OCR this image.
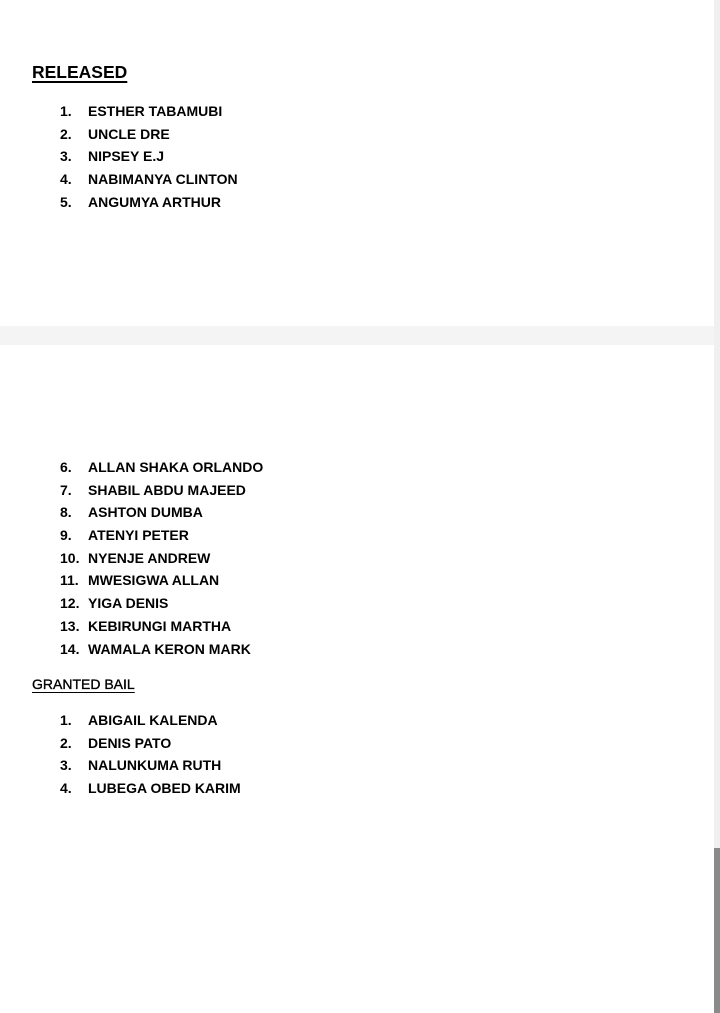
RELEASED
1. ESTHER TABAMUBI
2. UNCLE DRE
3. NIPSEY E.J
4. NABIMANYA CLINTON
5. ANGUMYA ARTHUR
6. ALLAN SHAKA ORLANDO
7. SHABIL ABDU MAJEED
8. ASHTON DUMBA
9. ATENYI PETER
10. NYENJE ANDREW
11. MWESIGWA ALLAN
12. YIGA DENIS
13. KEBIRUNGI MARTHA
14. WAMALA KERON MARK
GRANTED BAIL
1. ABIGAIL KALENDA
2. DENIS PATO
3. NALUNKUMA RUTH
4. LUBEGA OBED KARIM
